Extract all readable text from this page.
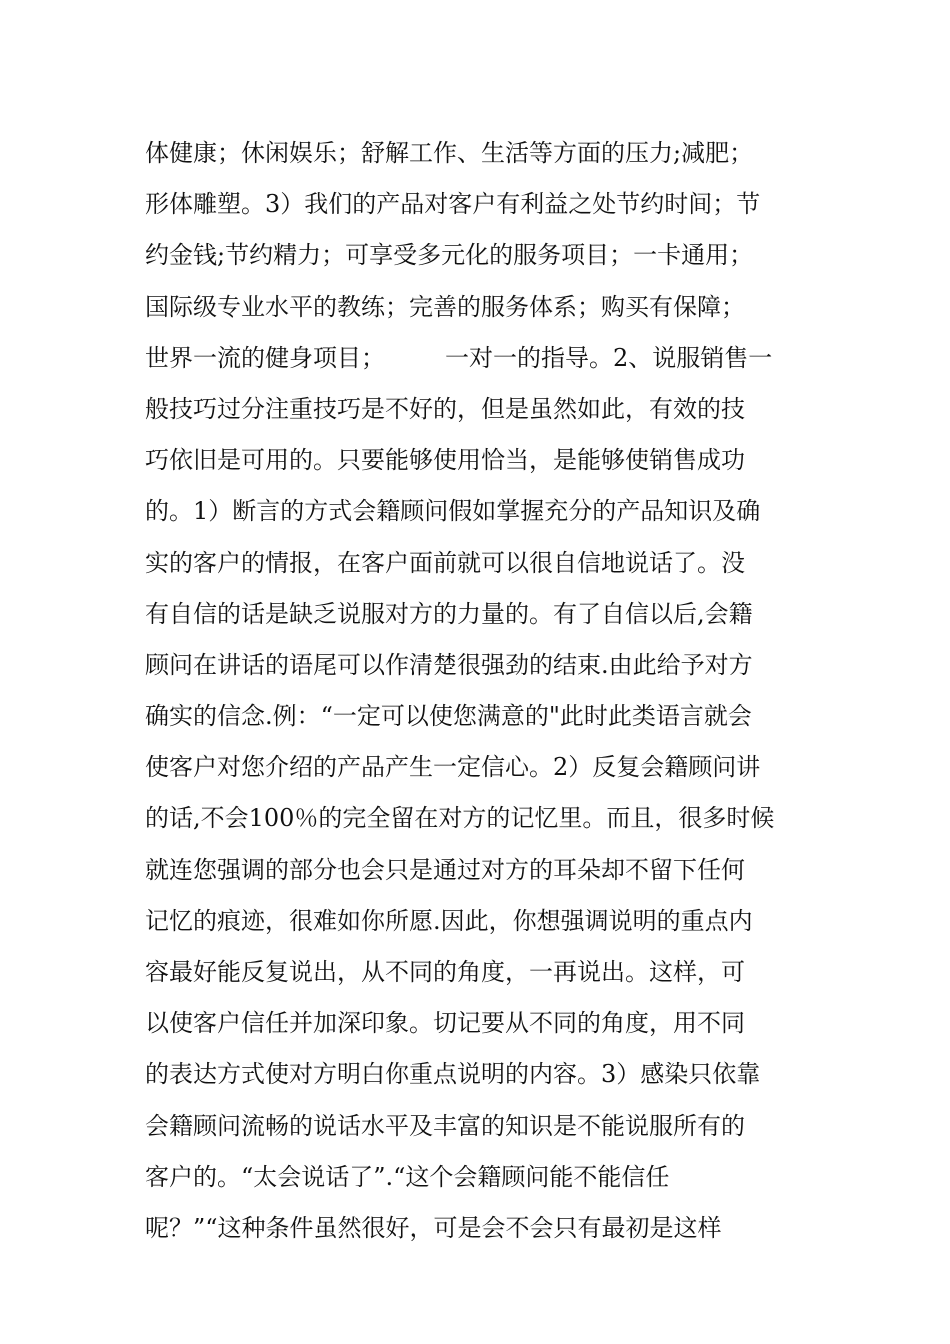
体健康；休闲娱乐；舒解工作、生活等方面的压力;减肥；
形体雕塑。3）我们的产品对客户有利益之处节约时间；节
约金钱;节约精力；可享受多元化的服务项目；一卡通用；
国际级专业水平的教练；完善的服务体系；购买有保障；
世界一流的健身项目；　　　一对一的指导。2、说服销售一
般技巧过分注重技巧是不好的，但是虽然如此，有效的技
巧依旧是可用的。只要能够使用恰当，是能够使销售成功
的。1）断言的方式会籍顾问假如掌握充分的产品知识及确
实的客户的情报，在客户面前就可以很自信地说话了。没
有自信的话是缺乏说服对方的力量的。有了自信以后,会籍
顾问在讲话的语尾可以作清楚很强劲的结束.由此给予对方
确实的信念.例：“一定可以使您满意的"此时此类语言就会
使客户对您介绍的产品产生一定信心。2）反复会籍顾问讲
的话,不会100％的完全留在对方的记忆里。而且，很多时候
就连您强调的部分也会只是通过对方的耳朵却不留下任何
记忆的痕迹，很难如你所愿.因此，你想强调说明的重点内
容最好能反复说出，从不同的角度，一再说出。这样，可
以使客户信任并加深印象。切记要从不同的角度，用不同
的表达方式使对方明白你重点说明的内容。3）感染只依靠
会籍顾问流畅的说话水平及丰富的知识是不能说服所有的
客户的。“太会说话了”.“这个会籍顾问能不能信任
呢？”“这种条件虽然很好，可是会不会只有最初是这样
